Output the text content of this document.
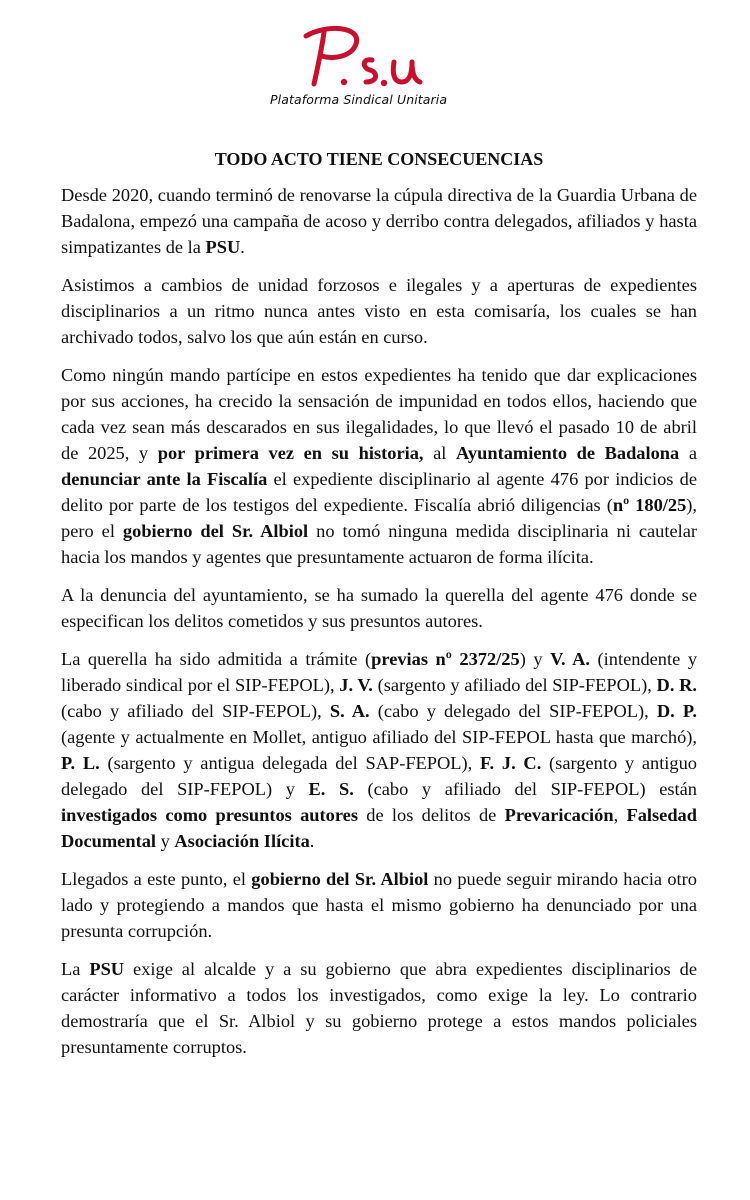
Plataforma Sindical Unitaria
TODO ACTO TIENE CONSECUENCIAS
Desde 2020, cuando terminó de renovarse la cúpula directiva de la Guardia Urbana de Badalona, empezó una campaña de acoso y derribo contra delegados, afiliados y hasta simpatizantes de la PSU.
Asistimos a cambios de unidad forzosos e ilegales y a aperturas de expedientes disciplinarios a un ritmo nunca antes visto en esta comisaría, los cuales se han archivado todos, salvo los que aún están en curso.
Como ningún mando partícipe en estos expedientes ha tenido que dar explicaciones por sus acciones, ha crecido la sensación de impunidad en todos ellos, haciendo que cada vez sean más descarados en sus ilegalidades, lo que llevó el pasado 10 de abril de 2025, y por primera vez en su historia, al Ayuntamiento de Badalona a denunciar ante la Fiscalía el expediente disciplinario al agente 476 por indicios de delito por parte de los testigos del expediente. Fiscalía abrió diligencias (nº 180/25), pero el gobierno del Sr. Albiol no tomó ninguna medida disciplinaria ni cautelar hacia los mandos y agentes que presuntamente actuaron de forma ilícita.
A la denuncia del ayuntamiento, se ha sumado la querella del agente 476 donde se especifican los delitos cometidos y sus presuntos autores.
La querella ha sido admitida a trámite (previas nº 2372/25) y V. A. (intendente y liberado sindical por el SIP-FEPOL), J. V. (sargento y afiliado del SIP-FEPOL), D. R. (cabo y afiliado del SIP-FEPOL), S. A. (cabo y delegado del SIP-FEPOL), D. P. (agente y actualmente en Mollet, antiguo afiliado del SIP-FEPOL hasta que marchó), P. L. (sargento y antigua delegada del SAP-FEPOL), F. J. C. (sargento y antiguo delegado del SIP-FEPOL) y E. S. (cabo y afiliado del SIP-FEPOL) están investigados como presuntos autores de los delitos de Prevaricación, Falsedad Documental y Asociación Ilícita.
Llegados a este punto, el gobierno del Sr. Albiol no puede seguir mirando hacia otro lado y protegiendo a mandos que hasta el mismo gobierno ha denunciado por una presunta corrupción.
La PSU exige al alcalde y a su gobierno que abra expedientes disciplinarios de carácter informativo a todos los investigados, como exige la ley. Lo contrario demostraría que el Sr. Albiol y su gobierno protege a estos mandos policiales presuntamente corruptos.
